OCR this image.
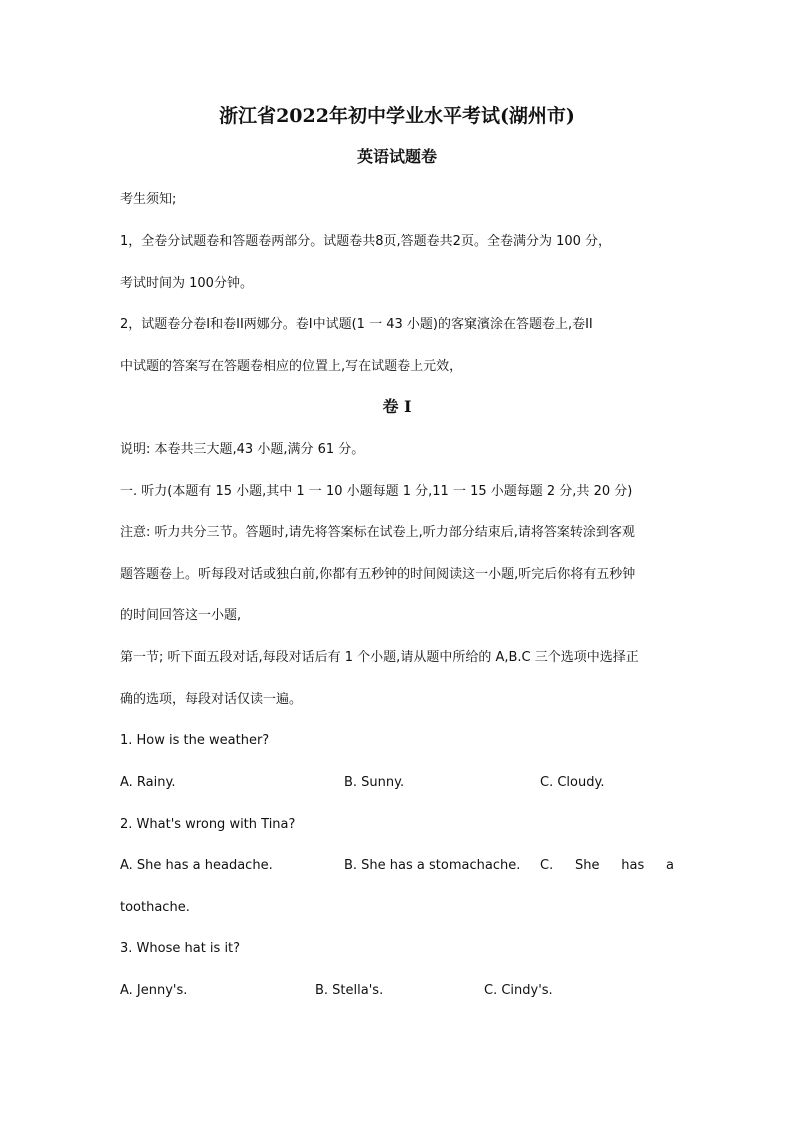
浙江省2022年初中学业水平考试(湖州市)
英语试题卷
考生须知;
1，全卷分试题卷和答题卷两部分。试题卷共8页,答题卷共2页。全卷满分为 100 分，
考试时间为 100分钟。
2，试题卷分卷I和卷II两娜分。卷I中试题(1 一 43 小题)的客窠濱涂在答题卷上,卷II
中试题的答案写在答题卷相应的位置上,写在试题卷上元效，
卷 I
说明: 本卷共三大题,43 小题,满分 61 分。
一. 听力(本题有 15 小题,其中 1 一 10 小题每题 1 分,11 一 15 小题每题 2 分,共 20 分)
注意: 听力共分三节。答题时,请先将答案标在试卷上,听力部分结束后,请将答案转涂到客观
题答题卷上。听每段对话或独白前,你都有五秒钟的时间阅读这一小题,听完后你将有五秒钟
的时间回答这一小题,
第一节; 听下面五段对话,每段对话后有 1 个小题,请从题中所给的 A,B.C 三个选项中选择正
确的选项，每段对话仅读一遍。
1. How is the weather?
A. Rainy.	B. Sunny.	C. Cloudy.
2. What's wrong with Tina?
A. She has a headache.	B. She has a stomachache. C. She has a
toothache.
3. Whose hat is it?
A. Jenny's.	B. Stella's.	C. Cindy's.
